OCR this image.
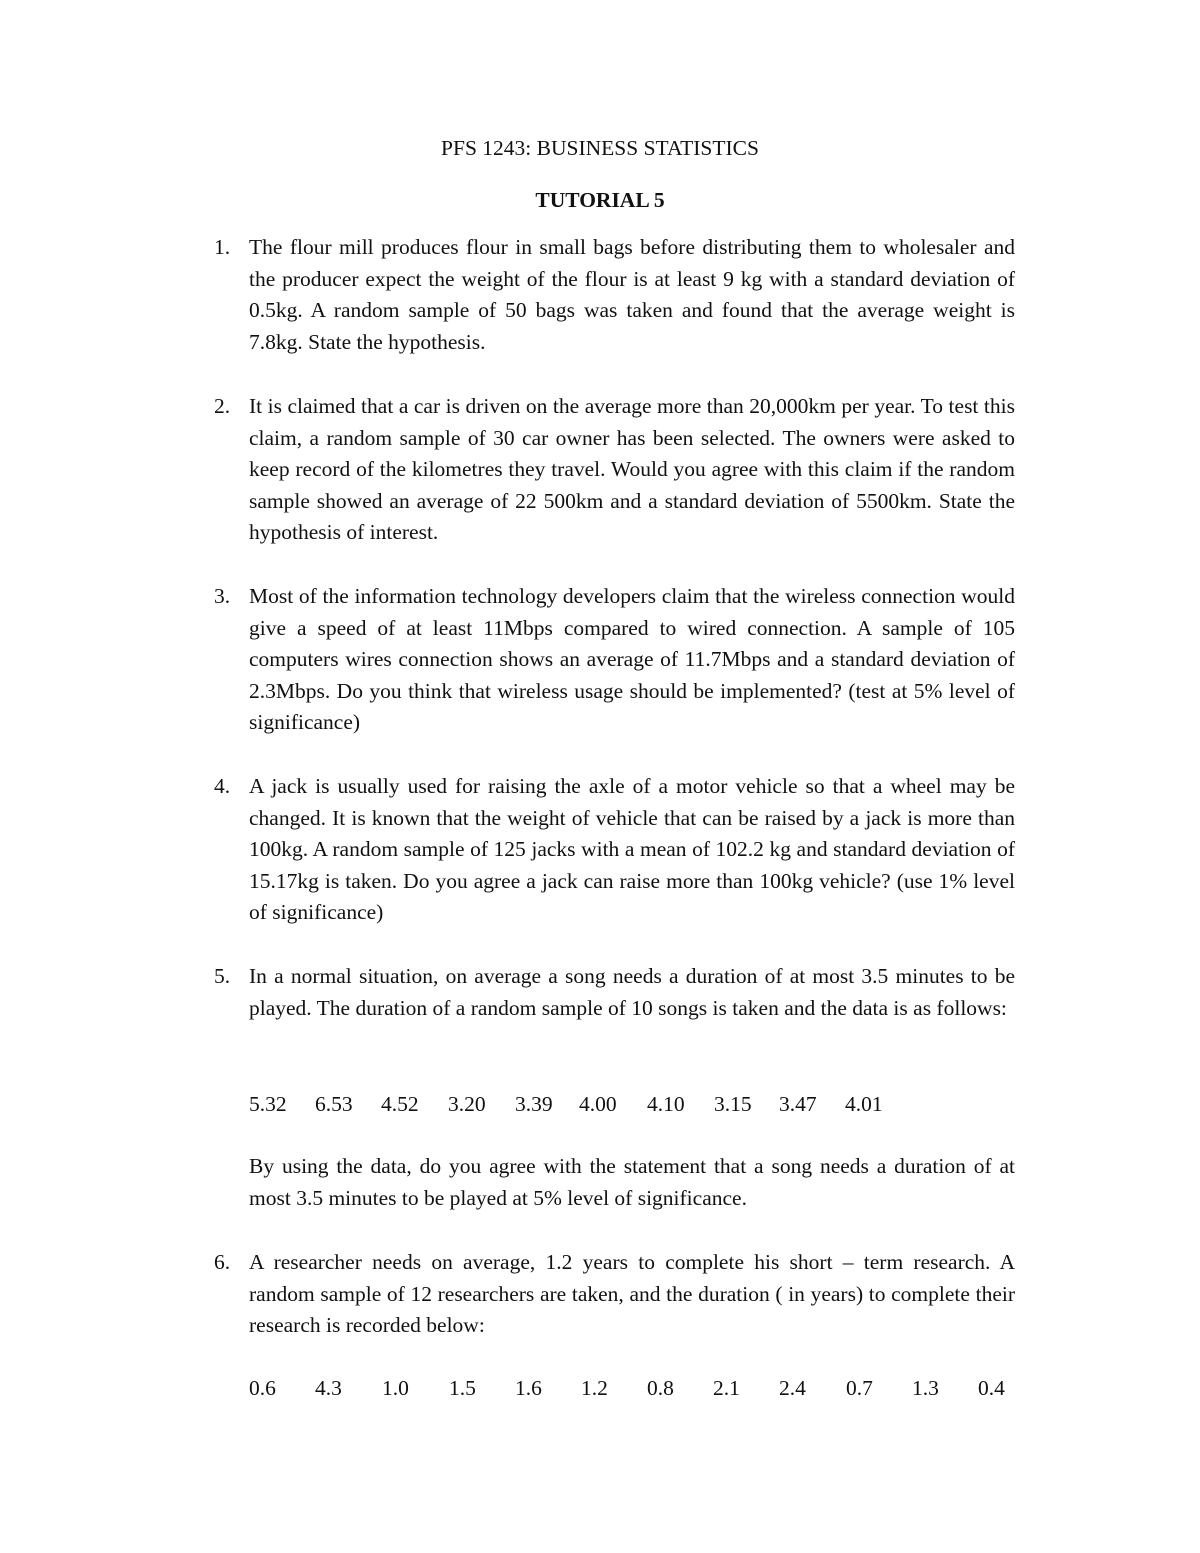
PFS 1243: BUSINESS STATISTICS
TUTORIAL 5
1. The flour mill produces flour in small bags before distributing them to wholesaler and the producer expect the weight of the flour is at least 9 kg with a standard deviation of 0.5kg. A random sample of 50 bags was taken and found that the average weight is 7.8kg. State the hypothesis.
2. It is claimed that a car is driven on the average more than 20,000km per year. To test this claim, a random sample of 30 car owner has been selected. The owners were asked to keep record of the kilometres they travel. Would you agree with this claim if the random sample showed an average of 22 500km and a standard deviation of 5500km. State the hypothesis of interest.
3. Most of the information technology developers claim that the wireless connection would give a speed of at least 11Mbps compared to wired connection. A sample of 105 computers wires connection shows an average of 11.7Mbps and a standard deviation of 2.3Mbps. Do you think that wireless usage should be implemented? (test at 5% level of significance)
4. A jack is usually used for raising the axle of a motor vehicle so that a wheel may be changed. It is known that the weight of vehicle that can be raised by a jack is more than 100kg. A random sample of 125 jacks with a mean of 102.2 kg and standard deviation of 15.17kg is taken. Do you agree a jack can raise more than 100kg vehicle? (use 1% level of significance)
5. In a normal situation, on average a song needs a duration of at most 3.5 minutes to be played. The duration of a random sample of 10 songs is taken and the data is as follows:
5.32 6.53 4.52 3.20 3.39 4.00 4.10 3.15 3.47 4.01
By using the data, do you agree with the statement that a song needs a duration of at most 3.5 minutes to be played at 5% level of significance.
6. A researcher needs on average, 1.2 years to complete his short – term research. A random sample of 12 researchers are taken, and the duration ( in years) to complete their research is recorded below:
0.6 4.3 1.0 1.5 1.6 1.2 0.8 2.1 2.4 0.7 1.3 0.4
